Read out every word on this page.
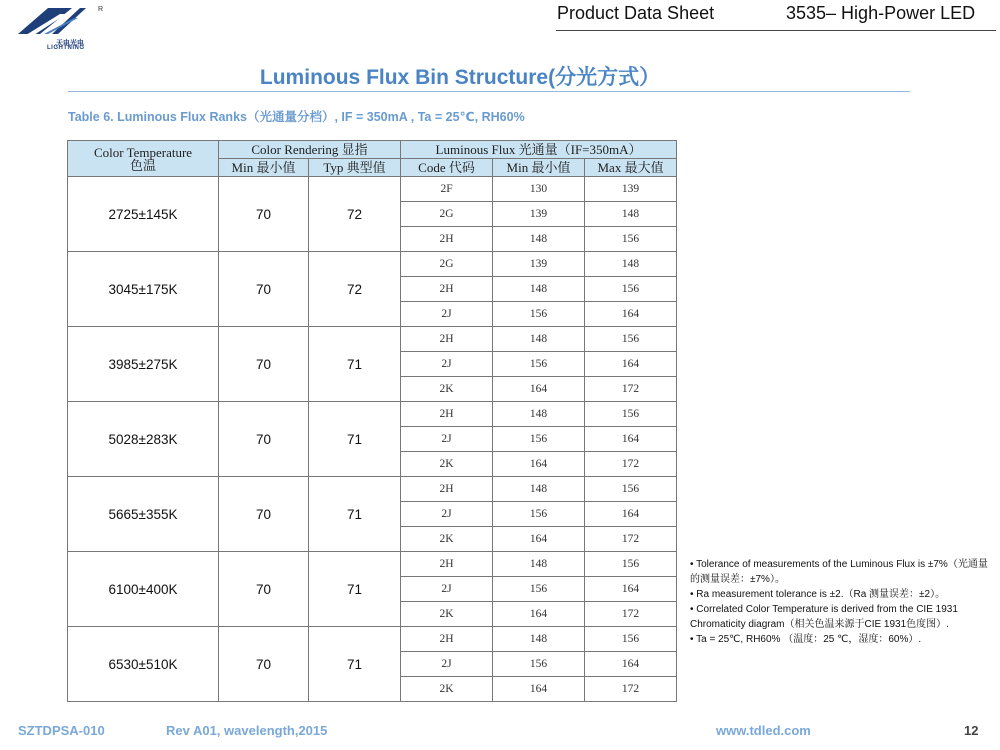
R
天电光电
LIGHTNING
Product Data Sheet	3535– High-Power LED
Luminous Flux Bin Structure(分光方式）
Table 6. Luminous Flux Ranks（光通量分档）, IF = 350mA , Ta = 25℃, RH60%
Color Temperature
色温	Color Rendering 显指		Luminous Flux 光通量（IF=350mA）		
	Min 最小值	Typ 典型值	Code 代码	Min 最小值	Max 最大值
2725±145K	70	72	2F	130	139
			2G	139	148
			2H	148	156
3045±175K	70	72	2G	139	148
			2H	148	156
			2J	156	164
3985±275K	70	71	2H	148	156
			2J	156	164
			2K	164	172
5028±283K	70	71	2H	148	156
			2J	156	164
			2K	164	172
5665±355K	70	71	2H	148	156
			2J	156	164
			2K	164	172
6100±400K	70	71	2H	148	156
			2J	156	164
			2K	164	172
6530±510K	70	71	2H	148	156
			2J	156	164
			2K	164	172

• Tolerance of measurements of the Luminous Flux is ±7%（光通量的测量误差：±7%）。

• Ra measurement tolerance is ±2.（Ra 测量误差：±2）。

• Correlated Color Temperature is derived from the CIE 1931 Chromaticity diagram（相关色温来源于CIE 1931色度图）.

• Ta = 25℃, RH60% （温度：25 ℃，湿度：60%）.

SZTDPSA-010	Rev A01, wavelength,2015	www.tdled.com	12
